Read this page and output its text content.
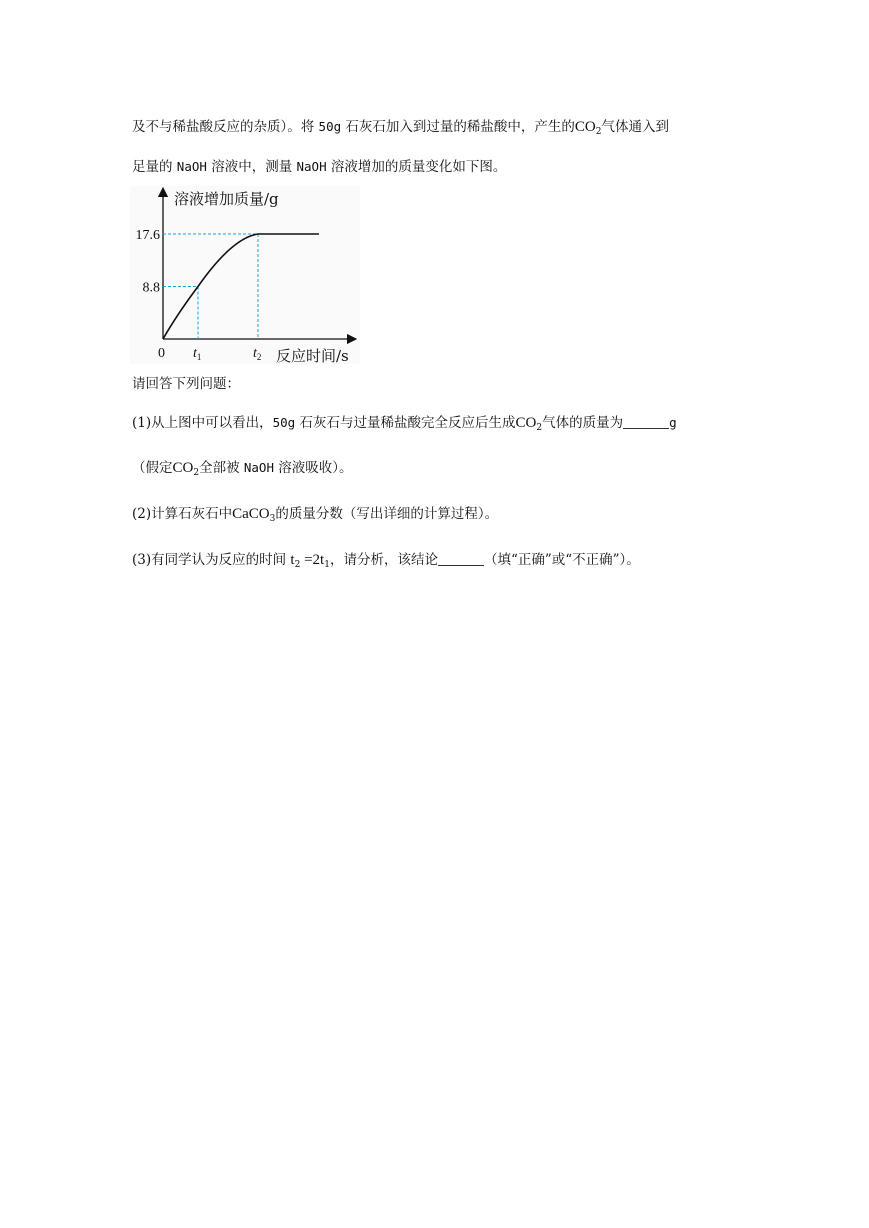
及不与稀盐酸反应的杂质）。将 50g 石灰石加入到过量的稀盐酸中，产生的$CO_2$气体通入到
足量的 NaOH 溶液中，测量 NaOH 溶液增加的质量变化如下图。
溶液增加质量/g
反应时间/s
0
17.6
8.8
$t_1$	$t_2$
请回答下列问题：
(1)从上图中可以看出，50g 石灰石与过量稀盐酸完全反应后生成$CO_2$气体的质量为	g
（假定$CO_2$全部被 NaOH 溶液吸收）。
(2)计算石灰石中CaCO$_3$的质量分数（写出详细的计算过程）。
(3)有同学认为反应的时间 $t_2 =2t_1$，请分析，该结论	（填“正确”或“不正确”）。
